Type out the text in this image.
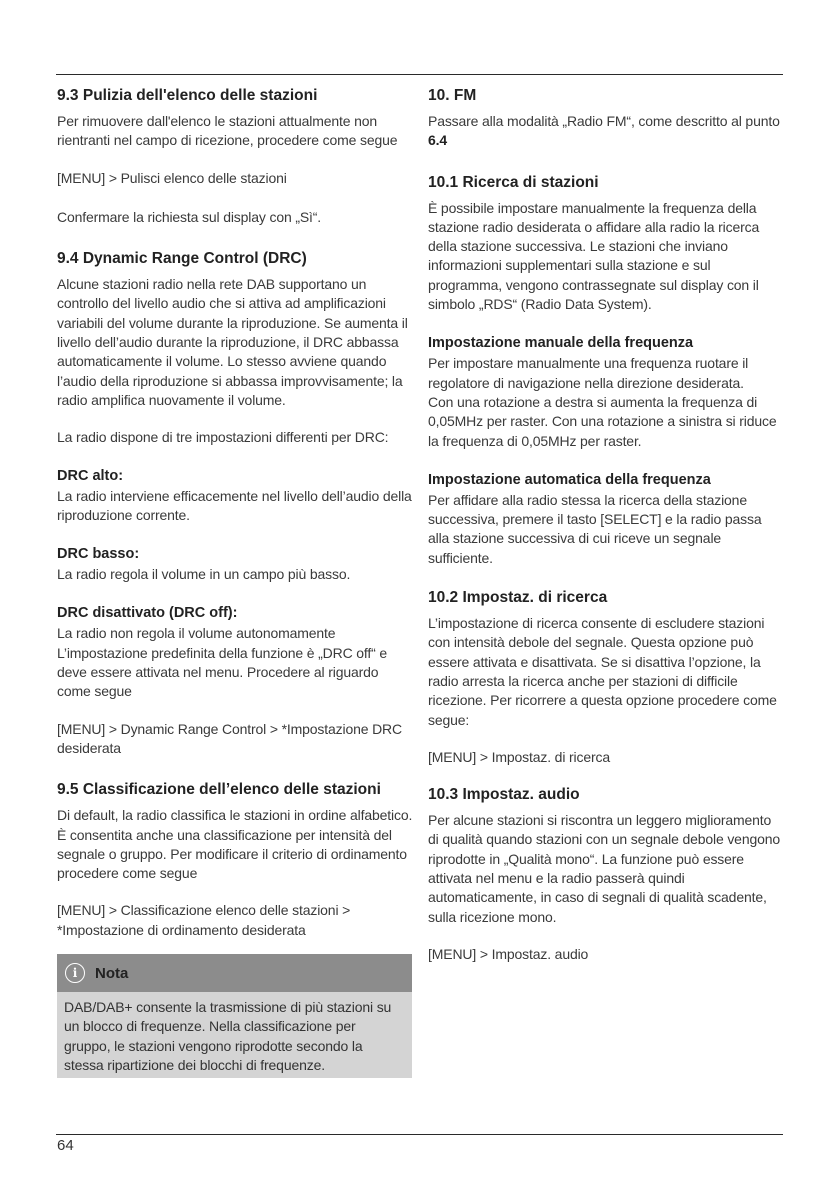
9.3 Pulizia dell'elenco delle stazioni

Per rimuovere dall'elenco le stazioni attualmente non rientranti nel campo di ricezione, procedere come segue

[MENU] > Pulisci elenco delle stazioni

Confermare la richiesta sul display con „Sì“.

9.4 Dynamic Range Control (DRC)

Alcune stazioni radio nella rete DAB supportano un controllo del livello audio che si attiva ad amplificazioni variabili del volume durante la riproduzione. Se aumenta il livello dell’audio durante la riproduzione, il DRC abbassa automaticamente il volume. Lo stesso avviene quando l’audio della riproduzione si abbassa improvvisamente; la radio amplifica nuovamente il volume.

La radio dispone di tre impostazioni differenti per DRC:

DRC alto:

La radio interviene efficacemente nel livello dell’audio della riproduzione corrente.

DRC basso:

La radio regola il volume in un campo più basso.

DRC disattivato (DRC off):

La radio non regola il volume autonomamente L’impostazione predefinita della funzione è „DRC off“ e deve essere attivata nel menu. Procedere al riguardo come segue

[MENU] > Dynamic Range Control > *Impostazione DRC desiderata

9.5 Classificazione dell’elenco delle stazioni

Di default, la radio classifica le stazioni in ordine alfabetico. È consentita anche una classificazione per intensità del segnale o gruppo. Per modificare il criterio di ordinamento procedere come segue

[MENU] > Classificazione elenco delle stazioni > *Impostazione di ordinamento desiderata

i	Nota

DAB/DAB+ consente la trasmissione di più stazioni su un blocco di frequenze. Nella classificazione per gruppo, le stazioni vengono riprodotte secondo la stessa ripartizione dei blocchi di frequenze.

10. FM

Passare alla modalità „Radio FM“, come descritto al punto 6.4

10.1 Ricerca di stazioni

È possibile impostare manualmente la frequenza della stazione radio desiderata o affidare alla radio la ricerca della stazione successiva. Le stazioni che inviano informazioni supplementari sulla stazione e sul programma, vengono contrassegnate sul display con il simbolo „RDS“ (Radio Data System).

Impostazione manuale della frequenza

Per impostare manualmente una frequenza ruotare il regolatore di navigazione nella direzione desiderata.

Con una rotazione a destra si aumenta la frequenza di 0,05MHz per raster. Con una rotazione a sinistra si riduce la frequenza di 0,05MHz per raster.

Impostazione automatica della frequenza

Per affidare alla radio stessa la ricerca della stazione successiva, premere il tasto [SELECT] e la radio passa alla stazione successiva di cui riceve un segnale sufficiente.

10.2 Impostaz. di ricerca

L’impostazione di ricerca consente di escludere stazioni con intensità debole del segnale. Questa opzione può essere attivata e disattivata. Se si disattiva l’opzione, la radio arresta la ricerca anche per stazioni di difficile ricezione. Per ricorrere a questa opzione procedere come segue:

[MENU] > Impostaz. di ricerca

10.3 Impostaz. audio

Per alcune stazioni si riscontra un leggero miglioramento di qualità quando stazioni con un segnale debole vengono riprodotte in „Qualità mono“. La funzione può essere attivata nel menu e la radio passerà quindi automaticamente, in caso di segnali di qualità scadente, sulla ricezione mono.

[MENU] > Impostaz. audio

64
